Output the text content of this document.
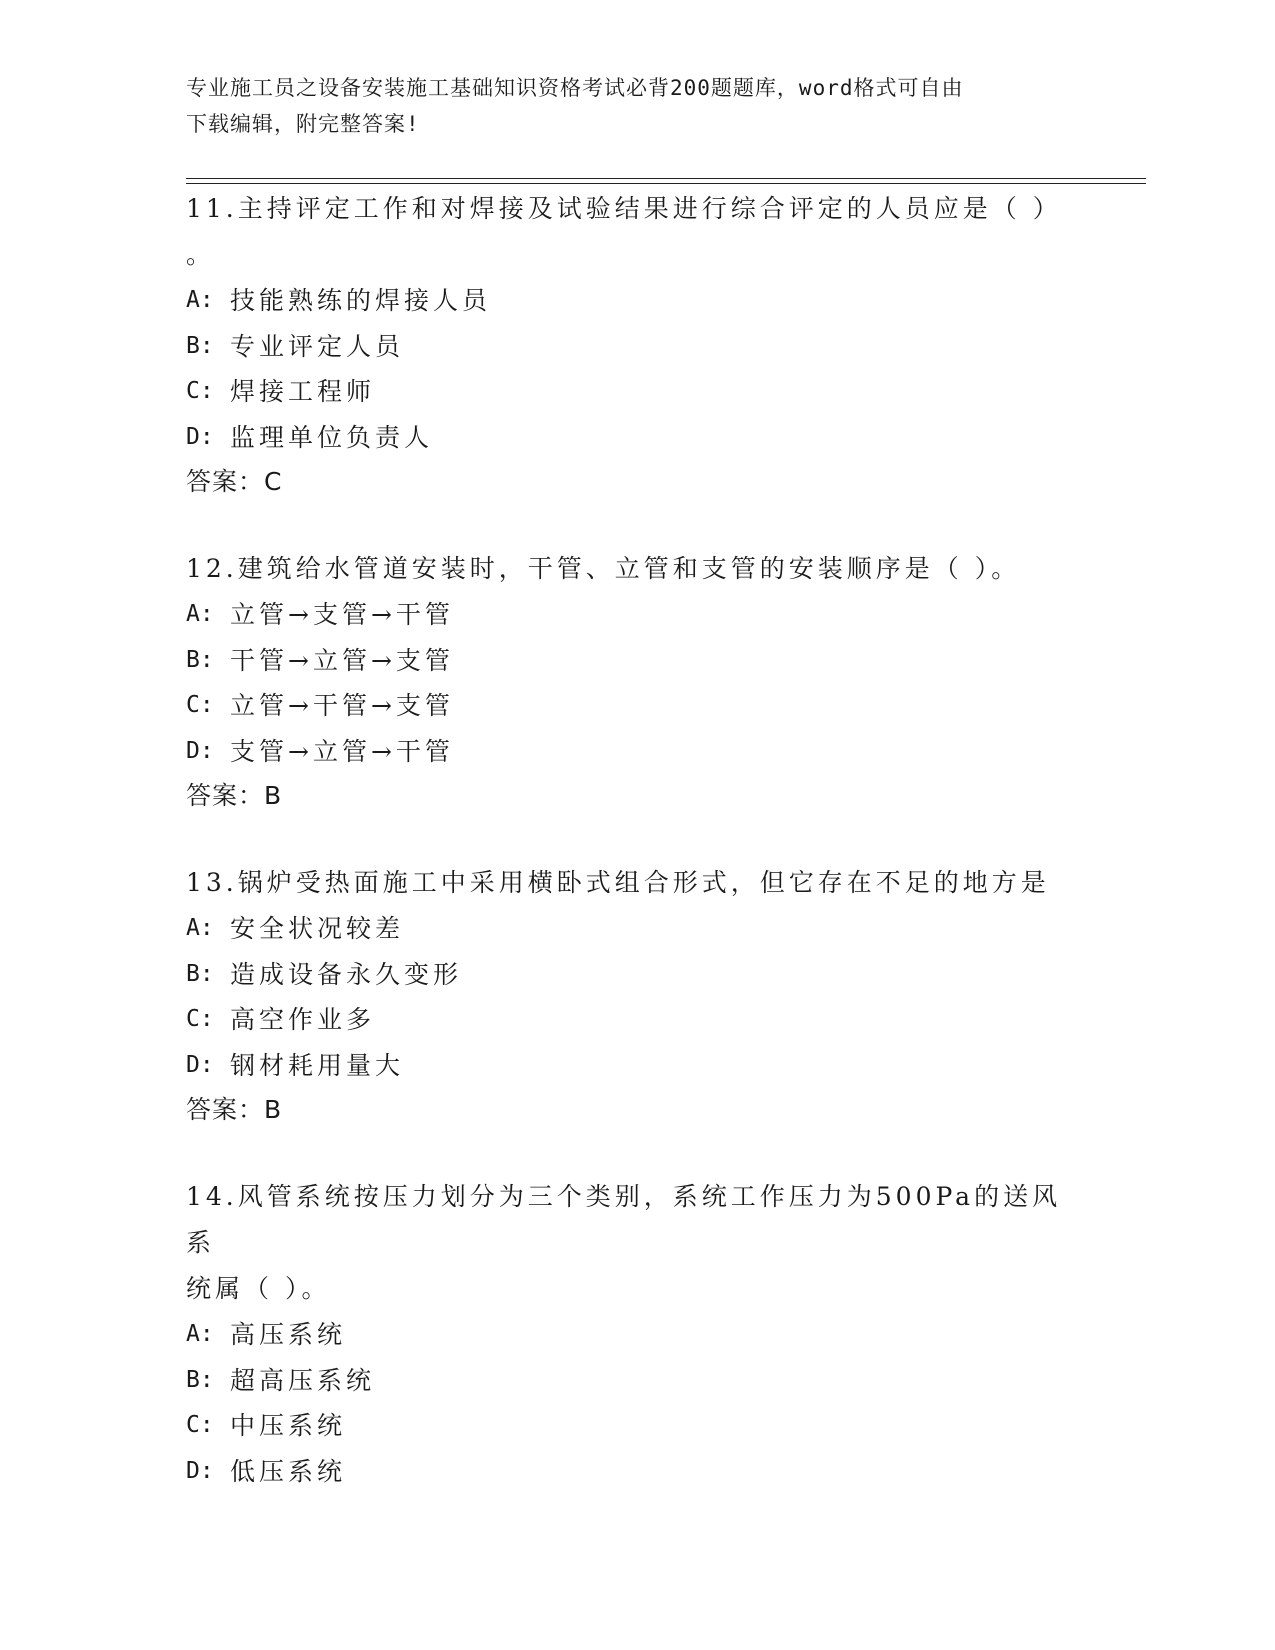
专业施工员之设备安装施工基础知识资格考试必背200题题库，word格式可自由
下载编辑，附完整答案!
11.主持评定工作和对焊接及试验结果进行综合评定的人员应是（ ）
。
A: 技能熟练的焊接人员
B: 专业评定人员
C: 焊接工程师
D: 监理单位负责人
答案：C
12.建筑给水管道安装时，干管、立管和支管的安装顺序是（ ）。
A: 立管→支管→干管
B: 干管→立管→支管
C: 立管→干管→支管
D: 支管→立管→干管
答案：B
13.锅炉受热面施工中采用横卧式组合形式，但它存在不足的地方是
A: 安全状况较差
B: 造成设备永久变形
C: 高空作业多
D: 钢材耗用量大
答案：B
14.风管系统按压力划分为三个类别，系统工作压力为500Pa的送风系
统属（ ）。
A: 高压系统
B: 超高压系统
C: 中压系统
D: 低压系统
